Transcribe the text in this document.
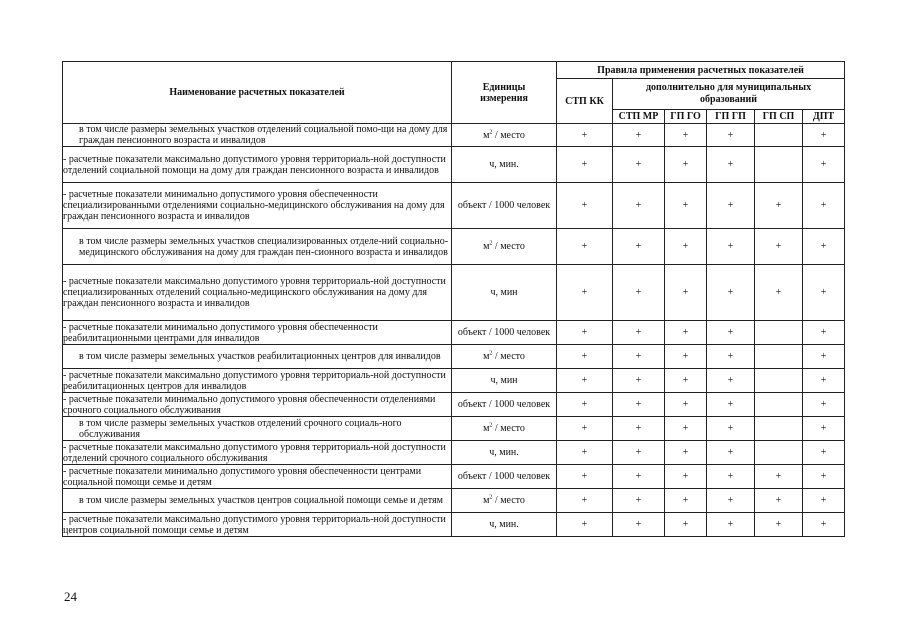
Наименование расчетных показателей	Единицы измерения	Правила применения расчетных показателей					
		СТП КК	дополнительно для муниципальных образований				
			СТП МР	ГП ГО	ГП ГП	ГП СП	ДПТ
в том числе размеры земельных участков отделений социальной помо-щи на дому для граждан пенсионного возраста и инвалидов	$м^2$ / место	+	+	+	+		+
- расчетные показатели максимально допустимого уровня территориаль-ной доступности отделений социальной помощи на дому для граждан пенсионного возраста и инвалидов	ч, мин.	+	+	+	+		+
- расчетные показатели минимально допустимого уровня обеспеченности специализированными отделениями социально-медицинского обслуживания на дому для граждан пенсионного возраста и инвалидов	объект / 1000 человек	+	+	+	+	+	+
в том числе размеры земельных участков специализированных отделе-ний социально-медицинского обслуживания на дому для граждан пен-сионного возраста и инвалидов	$м^2$ / место	+	+	+	+	+	+
- расчетные показатели максимально допустимого уровня территориаль-ной доступности специализированных отделений социально-медицинского обслуживания на дому для граждан пенсионного возраста и инвалидов	ч, мин	+	+	+	+	+	+
- расчетные показатели минимально допустимого уровня обеспеченности реабилитационными центрами для инвалидов	объект / 1000 человек	+	+	+	+		+
в том числе размеры земельных участков реабилитационных центров для инвалидов	$м^2$ / место	+	+	+	+		+
- расчетные показатели максимально допустимого уровня территориаль-ной доступности реабилитационных центров для инвалидов	ч, мин	+	+	+	+		+
- расчетные показатели минимально допустимого уровня обеспеченности отделениями срочного социального обслуживания	объект / 1000 человек	+	+	+	+		+
в том числе размеры земельных участков отделений срочного социаль-ного обслуживания	$м^2$ / место	+	+	+	+		+
- расчетные показатели максимально допустимого уровня территориаль-ной доступности отделений срочного социального обслуживания	ч, мин.	+	+	+	+		+
- расчетные показатели минимально допустимого уровня обеспеченности центрами социальной помощи семье и детям	объект / 1000 человек	+	+	+	+	+	+
в том числе размеры земельных участков центров социальной помощи семье и детям	$м^2$ / место	+	+	+	+	+	+
- расчетные показатели максимально допустимого уровня территориаль-ной доступности центров социальной помощи семье и детям	ч, мин.	+	+	+	+	+	+
24
